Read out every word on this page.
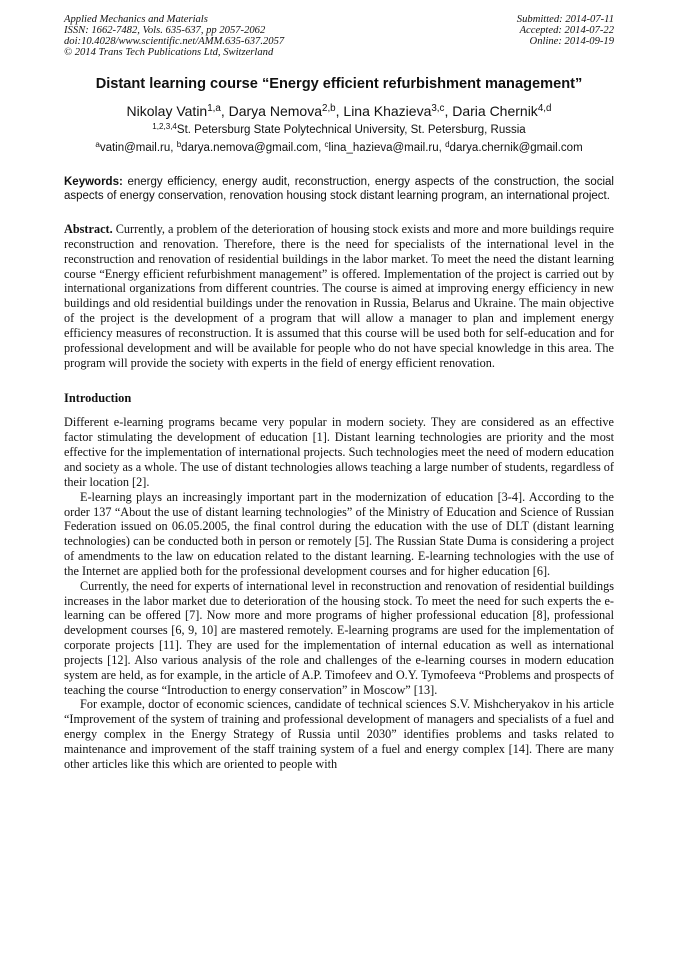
Applied Mechanics and Materials
ISSN: 1662-7482, Vols. 635-637, pp 2057-2062
doi:10.4028/www.scientific.net/AMM.635-637.2057
© 2014 Trans Tech Publications Ltd, Switzerland
Submitted: 2014-07-11
Accepted: 2014-07-22
Online: 2014-09-19
Distant learning course “Energy efficient refurbishment management”
Nikolay Vatin$^{1,a}$, Darya Nemova$^{2,b}$, Lina Khazieva$^{3,c}$, Daria Chernik$^{4,d}$
$^{1,2,3,4}$St. Petersburg State Polytechnical University, St. Petersburg, Russia
$^a$vatin@mail.ru, $^b$darya.nemova@gmail.com, $^c$lina_hazieva@mail.ru, $^d$darya.chernik@gmail.com
Keywords: energy efficiency, energy audit, reconstruction, energy aspects of the construction, the social aspects of energy conservation, renovation housing stock distant learning program, an international project.
Abstract. Currently, a problem of the deterioration of housing stock exists and more and more buildings require reconstruction and renovation. Therefore, there is the need for specialists of the international level in the reconstruction and renovation of residential buildings in the labor market. To meet the need the distant learning course “Energy efficient refurbishment management” is offered. Implementation of the project is carried out by international organizations from different countries. The course is aimed at improving energy efficiency in new buildings and old residential buildings under the renovation in Russia, Belarus and Ukraine. The main objective of the project is the development of a program that will allow a manager to plan and implement energy efficiency measures of reconstruction. It is assumed that this course will be used both for self-education and for professional development and will be available for people who do not have special knowledge in this area. The program will provide the society with experts in the field of energy efficient renovation.
Introduction

Different e-learning programs became very popular in modern society. They are considered as an effective factor stimulating the development of education [1]. Distant learning technologies are priority and the most effective for the implementation of international projects. Such technologies meet the need of modern education and society as a whole. The use of distant technologies allows teaching a large number of students, regardless of their location [2].

E-learning plays an increasingly important part in the modernization of education [3-4]. According to the order 137 “About the use of distant learning technologies” of the Ministry of Education and Science of Russian Federation issued on 06.05.2005, the final control during the education with the use of DLT (distant learning technologies) can be conducted both in person or remotely [5]. The Russian State Duma is considering a project of amendments to the law on education related to the distant learning. E-learning technologies with the use of the Internet are applied both for the professional development courses and for higher education [6].

Currently, the need for experts of international level in reconstruction and renovation of residential buildings increases in the labor market due to deterioration of the housing stock. To meet the need for such experts the e-learning can be offered [7]. Now more and more programs of higher professional education [8], professional development courses [6, 9, 10] are mastered remotely. E-learning programs are used for the implementation of corporate projects [11]. They are used for the implementation of internal education as well as international projects [12]. Also various analysis of the role and challenges of the e-learning courses in modern education system are held, as for example, in the article of A.P. Timofeev and O.Y. Tymofeeva “Problems and prospects of teaching the course “Introduction to energy conservation” in Moscow” [13].

For example, doctor of economic sciences, candidate of technical sciences S.V. Mishcheryakov in his article “Improvement of the system of training and professional development of managers and specialists of a fuel and energy complex in the Energy Strategy of Russia until 2030” identifies problems and tasks related to maintenance and improvement of the staff training system of a fuel and energy complex [14]. There are many other articles like this which are oriented to people with
